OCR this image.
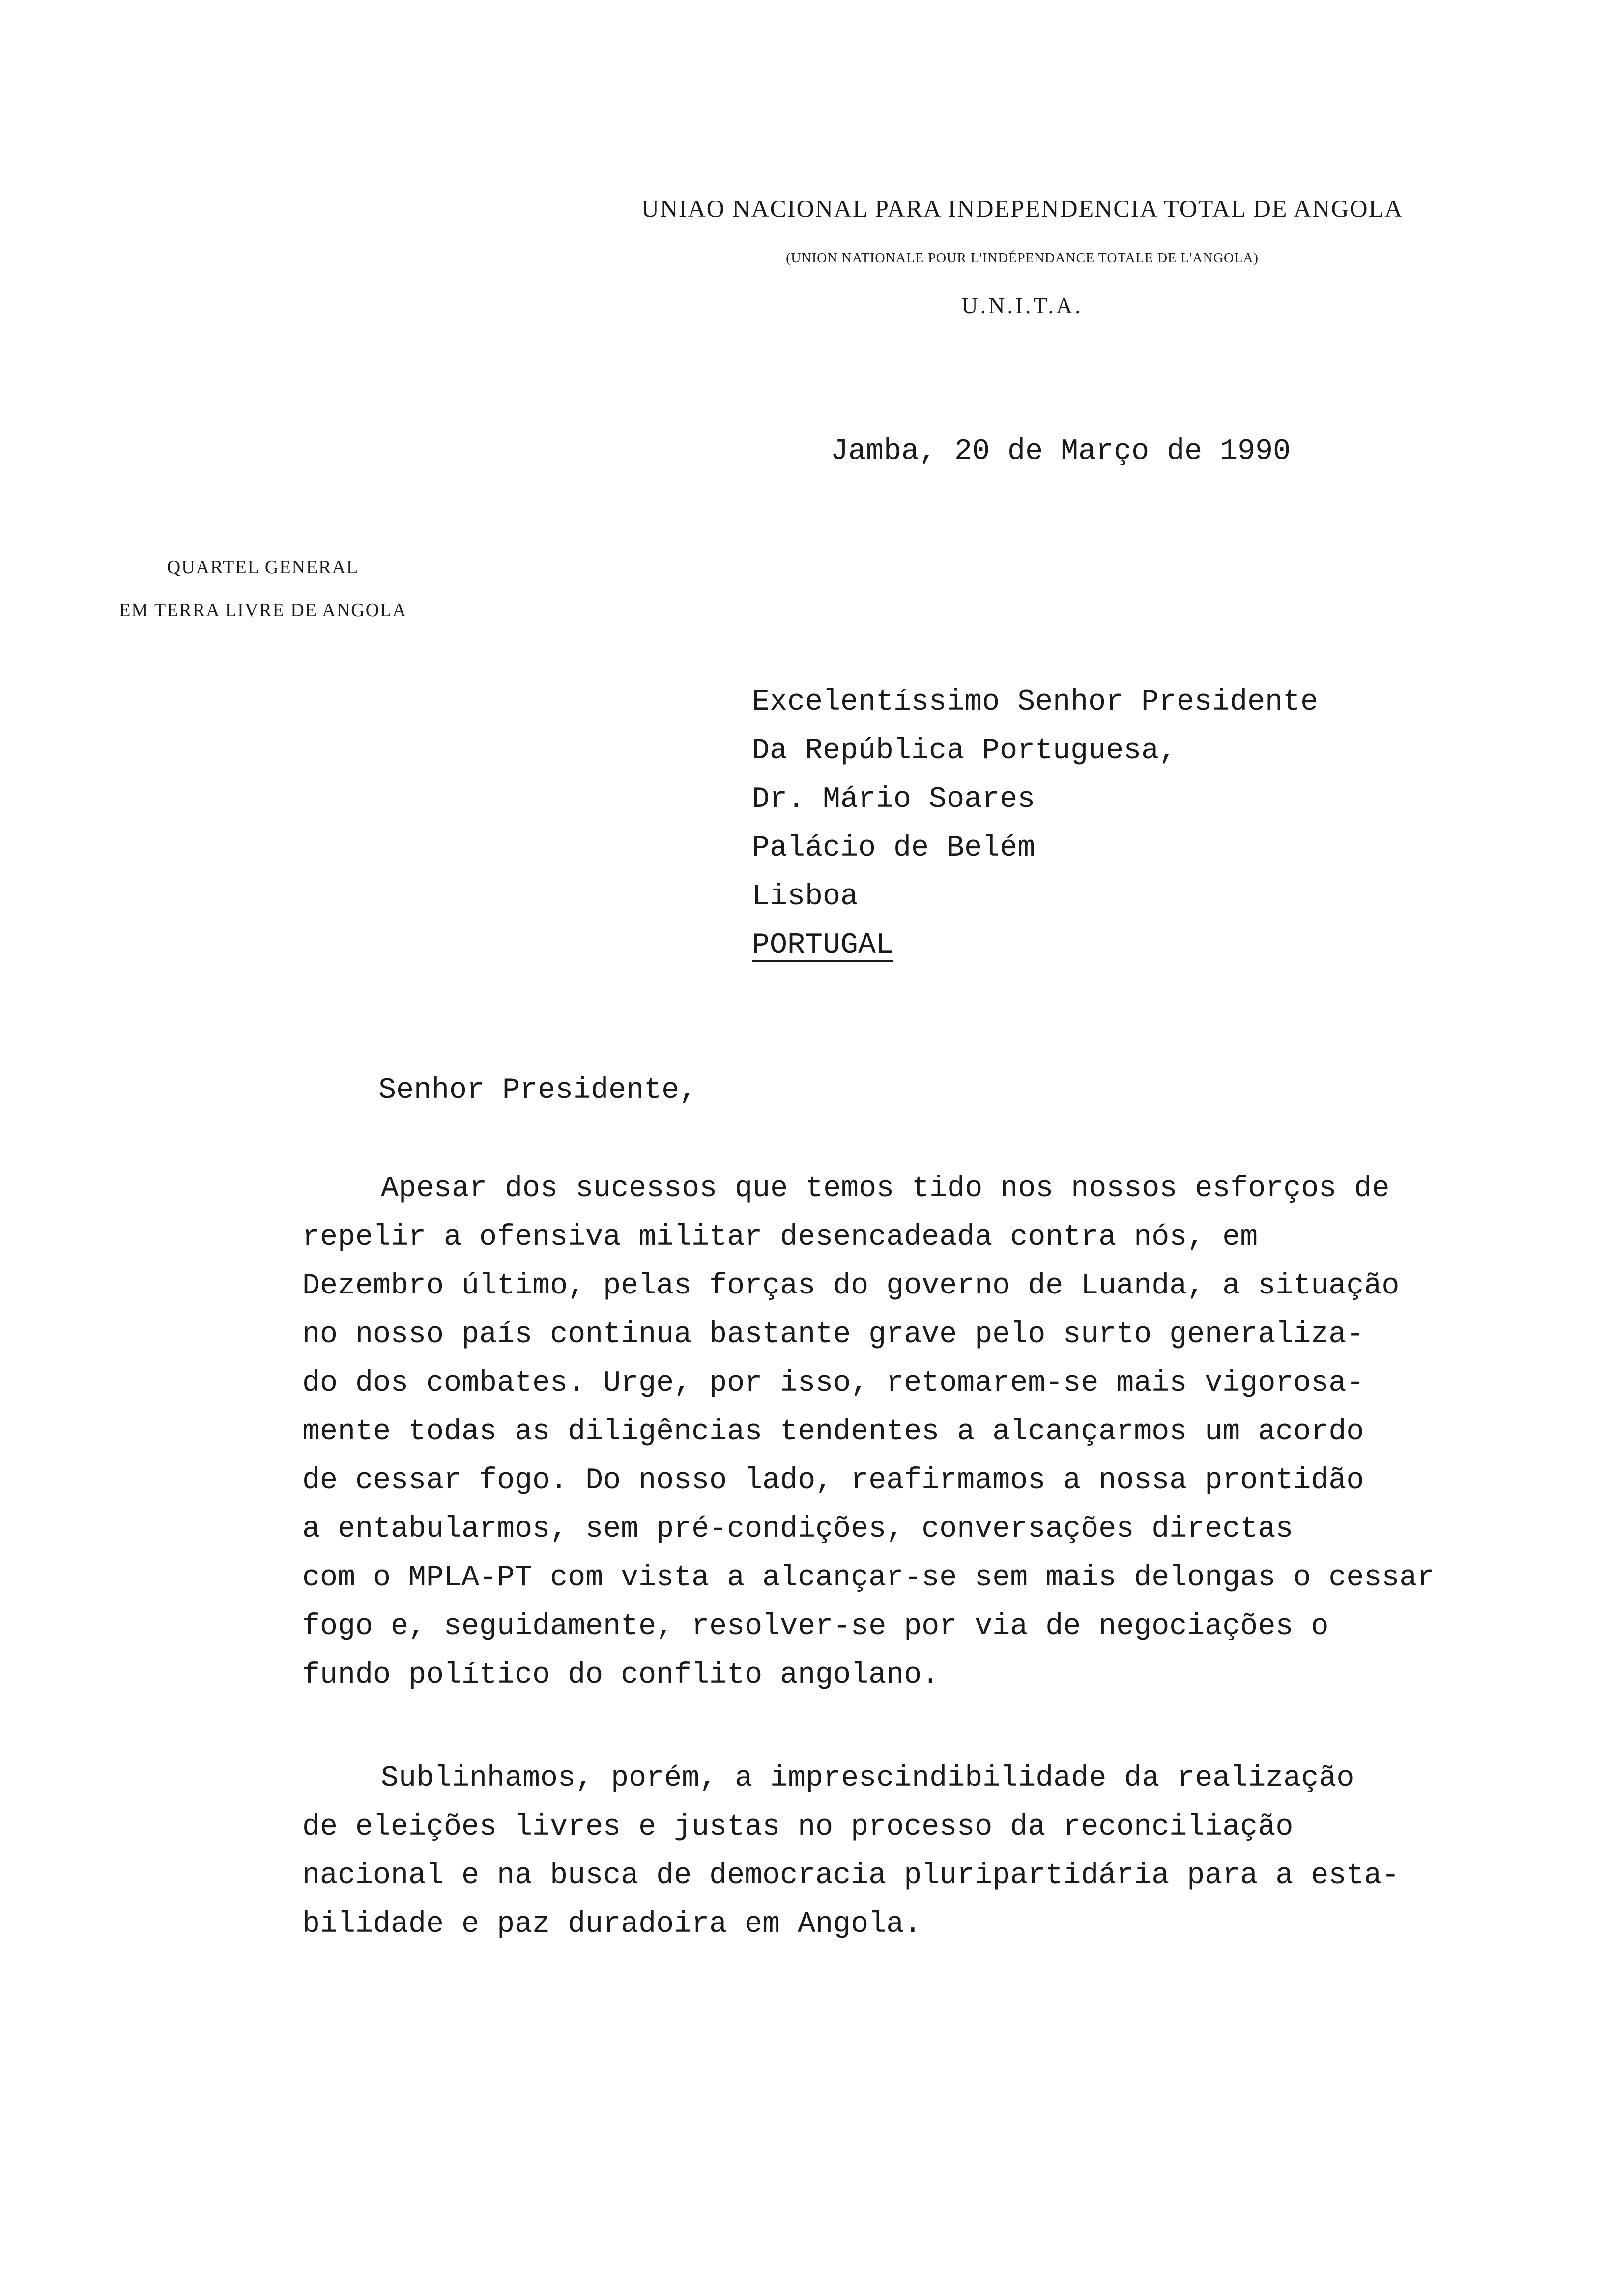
UNIAO NACIONAL PARA INDEPENDENCIA TOTAL DE ANGOLA
(UNION NATIONALE POUR L'INDÉPENDANCE TOTALE DE L'ANGOLA)
U.N.I.T.A.
Jamba, 20 de Março de 1990
QUARTEL GENERAL
EM TERRA LIVRE DE ANGOLA
Excelentíssimo Senhor Presidente
Da República Portuguesa,
Dr. Mário Soares
Palácio de Belém
Lisboa
PORTUGAL
Senhor Presidente,
Apesar dos sucessos que temos tido nos nossos esforços de
repelir a ofensiva militar desencadeada contra nós, em
Dezembro último, pelas forças do governo de Luanda, a situação
no nosso país continua bastante grave pelo surto generaliza-
do dos combates. Urge, por isso, retomarem-se mais vigorosa-
mente todas as diligências tendentes a alcançarmos um acordo
de cessar fogo. Do nosso lado, reafirmamos a nossa prontidão
a entabularmos, sem pré-condições, conversações directas
com o MPLA-PT com vista a alcançar-se sem mais delongas o cessar
fogo e, seguidamente, resolver-se por via de negociações o
fundo político do conflito angolano.
Sublinhamos, porém, a imprescindibilidade da realização
de eleições livres e justas no processo da reconciliação
nacional e na busca de democracia pluripartidária para a esta-
bilidade e paz duradoira em Angola.
